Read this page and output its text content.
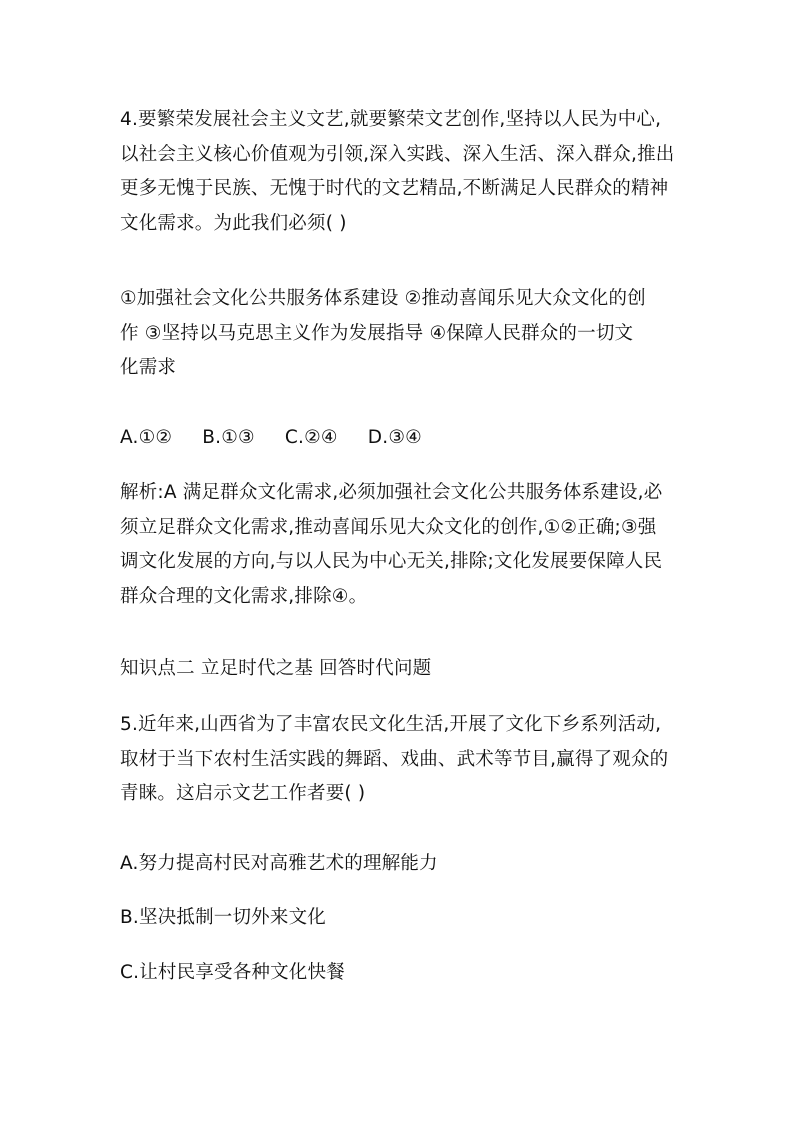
4.要繁荣发展社会主义文艺,就要繁荣文艺创作,坚持以人民为中心,
以社会主义核心价值观为引领,深入实践、深入生活、深入群众,推出
更多无愧于民族、无愧于时代的文艺精品,不断满足人民群众的精神
文化需求。为此我们必须( )
①加强社会文化公共服务体系建设 ②推动喜闻乐见大众文化的创
作 ③坚持以马克思主义作为发展指导 ④保障人民群众的一切文
化需求
A.①② B.①③ C.②④ D.③④
解析:A 满足群众文化需求,必须加强社会文化公共服务体系建设,必
须立足群众文化需求,推动喜闻乐见大众文化的创作,①②正确;③强
调文化发展的方向,与以人民为中心无关,排除;文化发展要保障人民
群众合理的文化需求,排除④。
知识点二 立足时代之基 回答时代问题
5.近年来,山西省为了丰富农民文化生活,开展了文化下乡系列活动,
取材于当下农村生活实践的舞蹈、戏曲、武术等节目,赢得了观众的
青睐。这启示文艺工作者要( )
A.努力提高村民对高雅艺术的理解能力
B.坚决抵制一切外来文化
C.让村民享受各种文化快餐
